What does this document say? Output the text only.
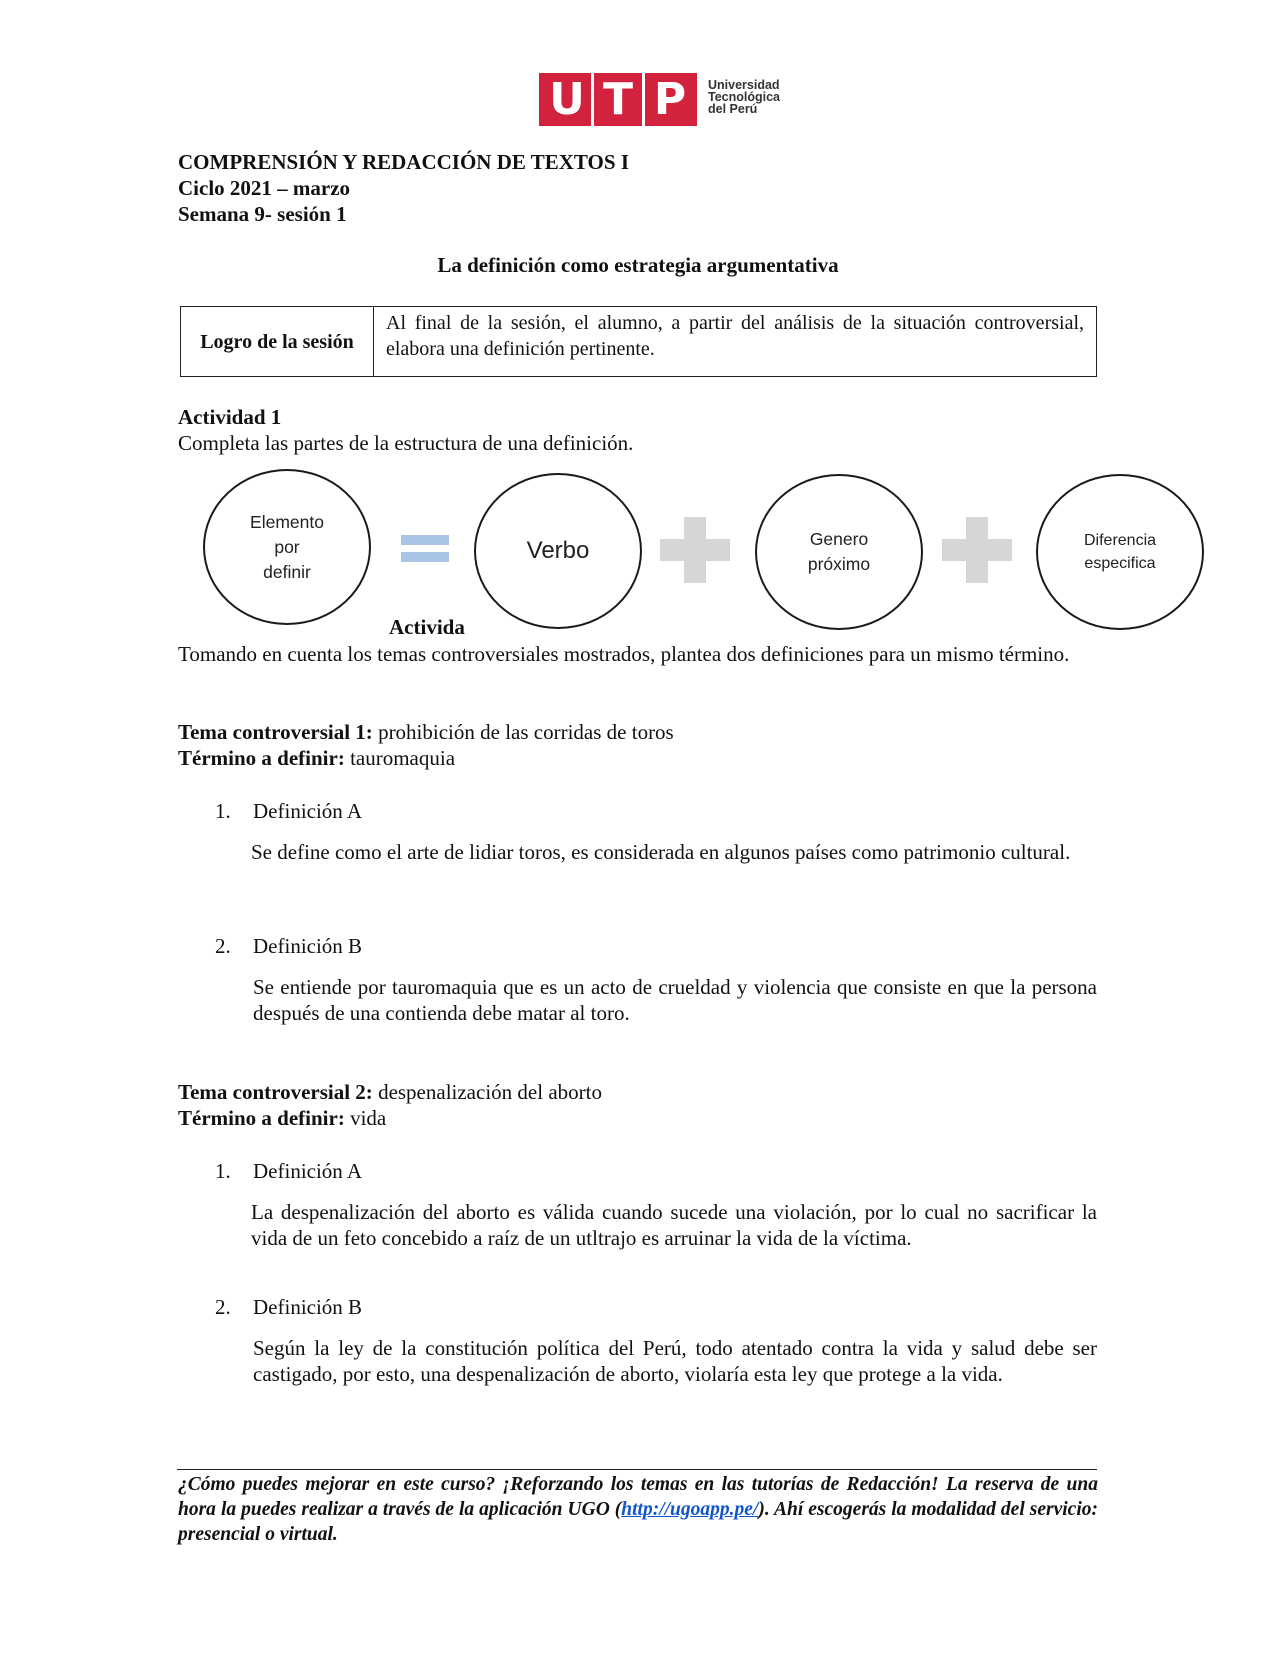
U T P	Universidad
Tecnológica
del Perú
COMPRENSIÓN Y REDACCIÓN DE TEXTOS I
Ciclo 2021 – marzo
Semana 9- sesión 1
La definición como estrategia argumentativa
Logro de la sesión	Al final de la sesión, el alumno, a partir del análisis de la situación controversial, elabora una definición pertinente.
Actividad 1
Completa las partes de la estructura de una definición.
Elemento
por
definir
Verbo	Genero
próximo
Diferencia
especifica
Activida
Tomando en cuenta los temas controversiales mostrados, plantea dos definiciones para un mismo término.
Tema controversial 1: prohibición de las corridas de toros
Término a definir: tauromaquia
1. Definición A
Se define como el arte de lidiar toros, es considerada en algunos países como patrimonio cultural.
2. Definición B
Se entiende por tauromaquia que es un acto de crueldad y violencia que consiste en que la persona después de una contienda debe matar al toro.
Tema controversial 2: despenalización del aborto
Término a definir: vida
1. Definición A
La despenalización del aborto es válida cuando sucede una violación, por lo cual no sacrificar la vida de un feto concebido a raíz de un utltrajo es arruinar la vida de la víctima.
2. Definición B
Según la ley de la constitución política del Perú, todo atentado contra la vida y salud debe ser castigado, por esto, una despenalización de aborto, violaría esta ley que protege a la vida.
¿Cómo puedes mejorar en este curso? ¡Reforzando los temas en las tutorías de Redacción! La reserva de una hora la puedes realizar a través de la aplicación UGO (http://ugoapp.pe/). Ahí escogerás la modalidad del servicio: presencial o virtual.
